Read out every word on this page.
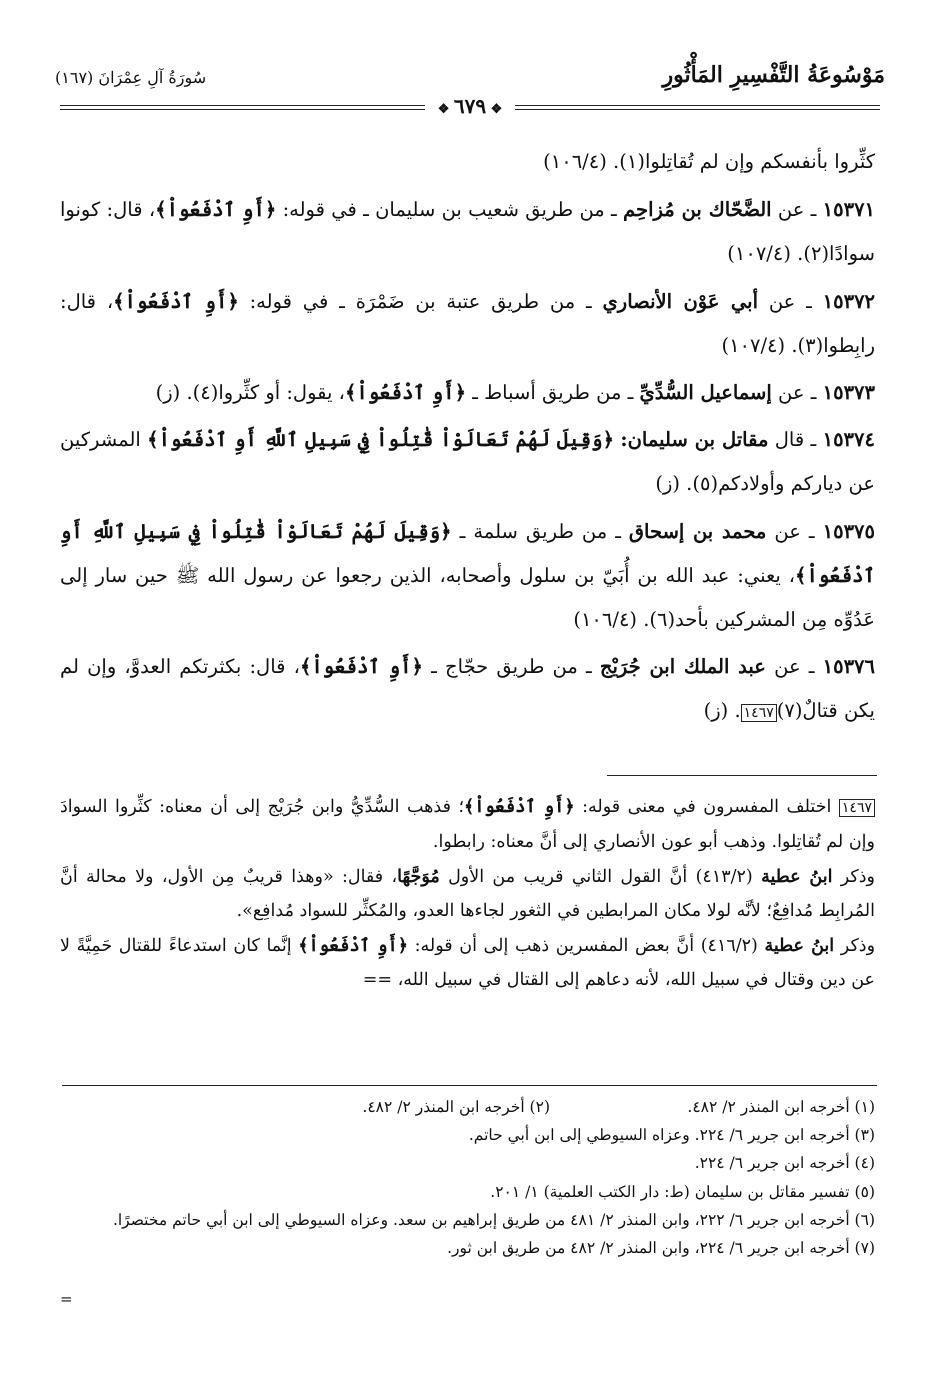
مَوْسُوعَةُ التَّفْسِيرِ المَأْثُورِ
سُورَةُ آلِ عِمْرَانَ (١٦٧)
❖ ٦٧٩ ❖

كثِّروا بأنفسكم وإن لم تُقاتِلوا(١). (١٠٦/٤)

١٥٣٧١ ـ عن الضَّحّاك بن مُزاحِم ـ من طريق شعيب بن سليمان ـ في قوله: ﴿أَوِ ٱدْفَعُواْ﴾، قال: كونوا سوادًا(٢). (١٠٧/٤)

١٥٣٧٢ ـ عن أبي عَوْن الأنصاري ـ من طريق عتبة بن ضَمْرَة ـ في قوله: ﴿أَوِ ٱدْفَعُواْ﴾، قال: رابِطوا(٣). (١٠٧/٤)

١٥٣٧٣ ـ عن إسماعيل السُّدِّيِّ ـ من طريق أسباط ـ ﴿أَوِ ٱدْفَعُواْ﴾، يقول: أو كثِّروا(٤). (ز)

١٥٣٧٤ ـ قال مقاتل بن سليمان: ﴿وَقِيلَ لَهُمْ تَعَالَوْاْ قَٰتِلُواْ فِي سَبِيلِ ٱللَّهِ أَوِ ٱدْفَعُواْ﴾ المشركين عن دياركم وأولادكم(٥). (ز)

١٥٣٧٥ ـ عن محمد بن إسحاق ـ من طريق سلمة ـ ﴿وَقِيلَ لَهُمْ تَعَالَوْاْ قَٰتِلُواْ فِي سَبِيلِ ٱللَّهِ أَوِ ٱدْفَعُواْ﴾، يعني: عبد الله بن أُبَيّ بن سلول وأصحابه، الذين رجعوا عن رسول الله ﷺ حين سار إلى عَدُوِّه مِن المشركين بأحد(٦). (١٠٦/٤)

١٥٣٧٦ ـ عن عبد الملك ابن جُرَيْج ـ من طريق حجّاج ـ ﴿أَوِ ٱدْفَعُواْ﴾، قال: بكثرتكم العدوَّ، وإن لم يكن قتالٌ(٧)١٤٦٧. (ز)

١٤٦٧ اختلف المفسرون في معنى قوله: ﴿أَوِ ٱدْفَعُواْ﴾؛ فذهب السُّدِّيُّ وابن جُرَيْج إلى أن معناه: كثِّروا السوادَ وإن لم تُقاتِلوا. وذهب أبو عون الأنصاري إلى أنَّ معناه: رابطوا.

وذكر ابنُ عطية (٤١٣/٢) أنَّ القول الثاني قريب من الأول مُوَجَّهًا، فقال: «وهذا قريبٌ مِن الأول، ولا محالة أنَّ المُرابِط مُدافِعٌ؛ لأنَّه لولا مكان المرابطين في الثغور لجاءها العدو، والمُكثِّر للسواد مُدافِع».

وذكر ابنُ عطية (٤١٦/٢) أنَّ بعض المفسرين ذهب إلى أن قوله: ﴿أَوِ ٱدْفَعُواْ﴾ إنَّما كان استدعاءً للقتال حَمِيَّةً لا عن دين وقتال في سبيل الله، لأنه دعاهم إلى القتال في سبيل الله، ==

(١) أخرجه ابن المنذر ٢/ ٤٨٢.
(٢) أخرجه ابن المنذر ٢/ ٤٨٢.

(٣) أخرجه ابن جرير ٦/ ٢٢٤. وعزاه السيوطي إلى ابن أبي حاتم.

(٤) أخرجه ابن جرير ٦/ ٢٢٤.

(٥) تفسير مقاتل بن سليمان (ط: دار الكتب العلمية) ١/ ٢٠١.

(٦) أخرجه ابن جرير ٦/ ٢٢٢، وابن المنذر ٢/ ٤٨١ من طريق إبراهيم بن سعد. وعزاه السيوطي إلى ابن أبي حاتم مختصرًا.

(٧) أخرجه ابن جرير ٦/ ٢٢٤، وابن المنذر ٢/ ٤٨٢ من طريق ابن ثور.

=
